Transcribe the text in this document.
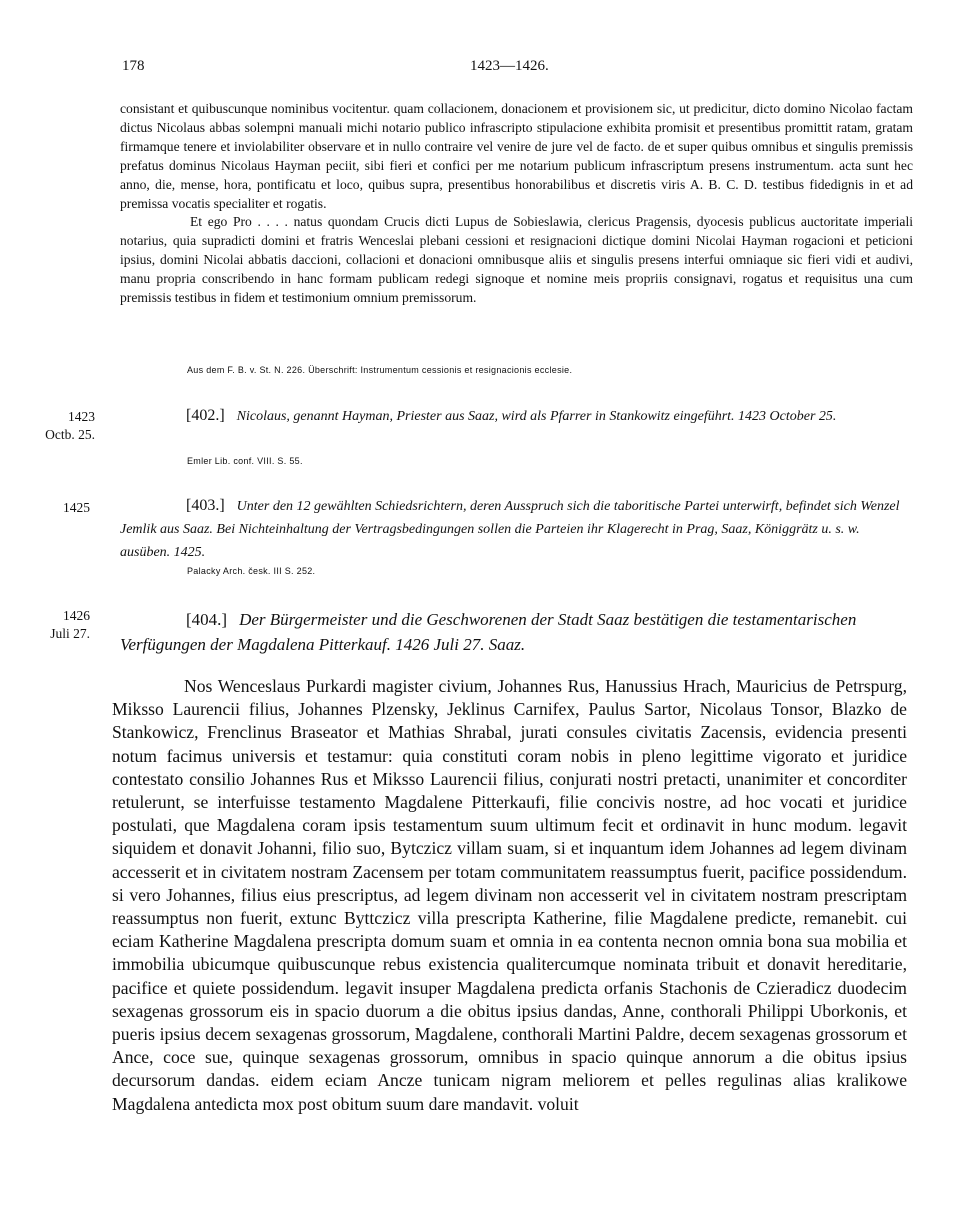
178	1423—1426.

consistant et quibuscunque nominibus vocitentur. quam collacionem, donacionem et provisionem sic, ut predicitur, dicto domino Nicolao factam dictus Nicolaus abbas solempni manuali michi notario publico infrascripto stipulacione exhibita promisit et presentibus promittit ratam, gratam firmamque tenere et inviolabiliter observare et in nullo contraire vel venire de jure vel de facto. de et super quibus omnibus et singulis premissis prefatus dominus Nicolaus Hayman peciit, sibi fieri et confici per me notarium publicum infrascriptum presens instrumentum. acta sunt hec anno, die, mense, hora, pontificatu et loco, quibus supra, presentibus honorabilibus et discretis viris A. B. C. D. testibus fidedignis in et ad premissa vocatis specialiter et rogatis.

Et ego Pro . . . . natus quondam Crucis dicti Lupus de Sobieslawia, clericus Pragensis, dyocesis publicus auctoritate imperiali notarius, quia supradicti domini et fratris Wenceslai plebani cessioni et resignacioni dictique domini Nicolai Hayman rogacioni et peticioni ipsius, domini Nicolai abbatis daccioni, collacioni et donacioni omnibusque aliis et singulis presens interfui omniaque sic fieri vidi et audivi, manu propria conscribendo in hanc formam publicam redegi signoque et nomine meis propriis consignavi, rogatus et requisitus una cum premissis testibus in fidem et testimonium omnium premissorum.

Aus dem F. B. v. St. N. 226. Überschrift: Instrumentum cessionis et resignacionis ecclesie.
1423
Octb. 25.
[402.] Nicolaus, genannt Hayman, Priester aus Saaz, wird als Pfarrer in Stankowitz eingeführt. 1423 October 25.
Emler Lib. conf. VIII. S. 55.
1425	[403.] Unter den 12 gewählten Schiedsrichtern, deren Ausspruch sich die taboritische Partei unterwirft, befindet sich Wenzel Jemlik aus Saaz. Bei Nichteinhaltung der Vertragsbedingungen sollen die Parteien ihr Klagerecht in Prag, Saaz, Königgrätz u. s. w. ausüben. 1425.
Palacky Arch. česk. III S. 252.
1426
Juli 27.
[404.] Der Bürgermeister und die Geschworenen der Stadt Saaz bestätigen die testamentarischen Verfügungen der Magdalena Pitterkauf. 1426 Juli 27. Saaz.

Nos Wenceslaus Purkardi magister civium, Johannes Rus, Hanussius Hrach, Mauricius de Petrspurg, Miksso Laurencii filius, Johannes Plzensky, Jeklinus Carnifex, Paulus Sartor, Nicolaus Tonsor, Blazko de Stankowicz, Frenclinus Braseator et Mathias Shrabal, jurati consules civitatis Zacensis, evidencia presenti notum facimus universis et testamur: quia constituti coram nobis in pleno legittime vigorato et juridice contestato consilio Johannes Rus et Miksso Laurencii filius, conjurati nostri pretacti, unanimiter et concorditer retulerunt, se interfuisse testamento Magdalene Pitterkaufi, filie concivis nostre, ad hoc vocati et juridice postulati, que Magdalena coram ipsis testamentum suum ultimum fecit et ordinavit in hunc modum. legavit siquidem et donavit Johanni, filio suo, Bytczicz villam suam, si et inquantum idem Johannes ad legem divinam accesserit et in civitatem nostram Zacensem per totam communitatem reassumptus fuerit, pacifice possidendum. si vero Johannes, filius eius prescriptus, ad legem divinam non accesserit vel in civitatem nostram prescriptam reassumptus non fuerit, extunc Byttczicz villa prescripta Katherine, filie Magdalene predicte, remanebit. cui eciam Katherine Magdalena prescripta domum suam et omnia in ea contenta necnon omnia bona sua mobilia et immobilia ubicumque quibuscunque rebus existencia qualitercumque nominata tribuit et donavit hereditarie, pacifice et quiete possidendum. legavit insuper Magdalena predicta orfanis Stachonis de Czieradicz duodecim sexagenas grossorum eis in spacio duorum a die obitus ipsius dandas, Anne, conthorali Philippi Uborkonis, et pueris ipsius decem sexagenas grossorum, Magdalene, conthorali Martini Paldre, decem sexagenas grossorum et Ance, coce sue, quinque sexagenas grossorum, omnibus in spacio quinque annorum a die obitus ipsius decursorum dandas. eidem eciam Ancze tunicam nigram meliorem et pelles regulinas alias kralikowe Magdalena antedicta mox post obitum suum dare mandavit. voluit
